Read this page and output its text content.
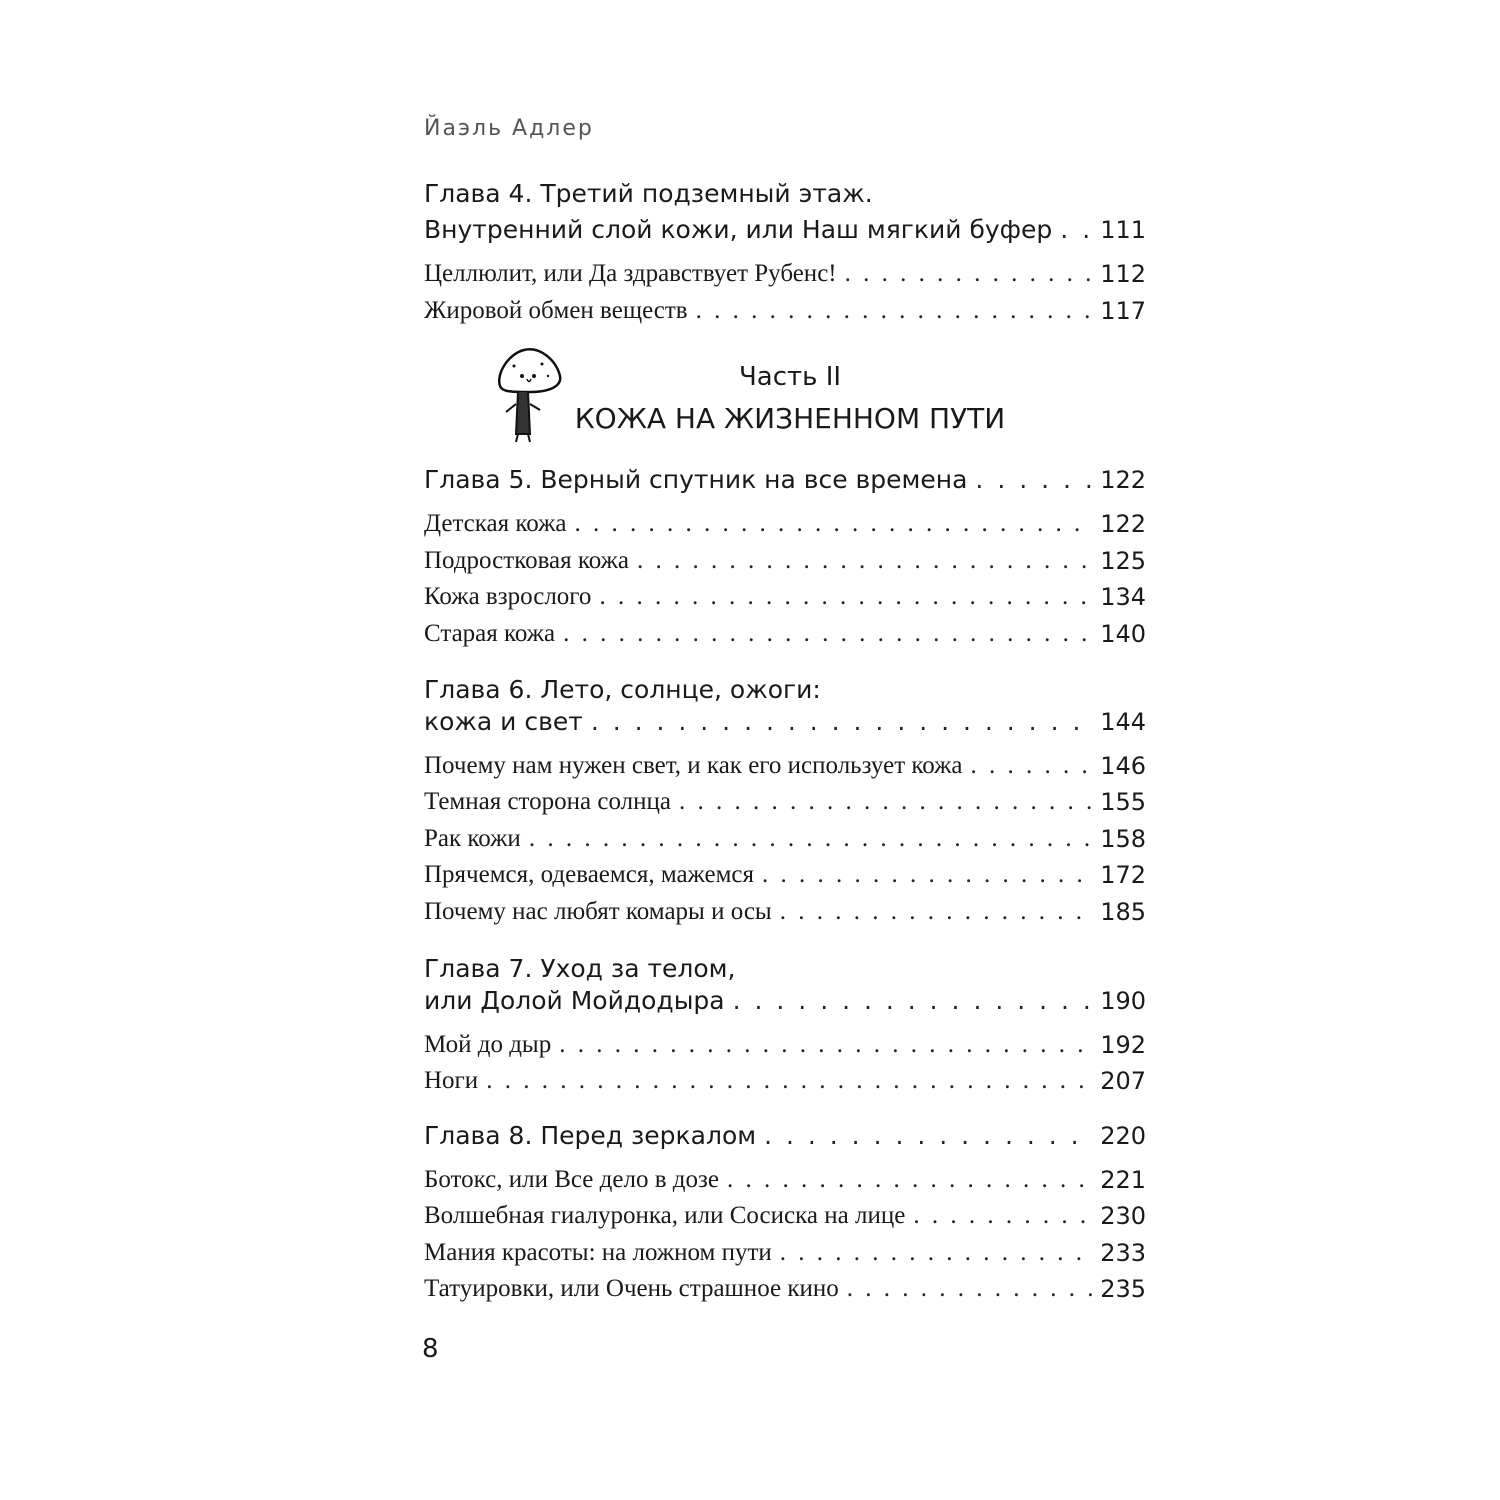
Йаэль Адлер
Глава 4. Третий подземный этаж.
Внутренний слой кожи, или Наш мягкий буфер . . . 111
Целлюлит, или Да здравствует Рубенс! . . .	112
Жировой обмен веществ . . .	117
Часть II
КОЖА НА ЖИЗНЕННОМ ПУТИ
Глава 5. Верный спутник на все времена . . .	122
Детская кожа . . .	122
Подростковая кожа . . .	125
Кожа взрослого . . .	134
Старая кожа . . .	140
Глава 6. Лето, солнце, ожоги:
кожа и свет . . .	144
Почему нам нужен свет, и как его использует кожа . . .	146
Темная сторона солнца . . .	155
Рак кожи . . .	158
Прячемся, одеваемся, мажемся . . .	172
Почему нас любят комары и осы . . .	185
Глава 7. Уход за телом,
или Долой Мойдодыра . . .	190
Мой до дыр . . .	192
Ноги . . .	207
Глава 8. Перед зеркалом . . .	220
Ботокс, или Все дело в дозе . . .	221
Волшебная гиалуронка, или Сосиска на лице . . .	230
Мания красоты: на ложном пути . . .	233
Татуировки, или Очень страшное кино . . .	235
8
